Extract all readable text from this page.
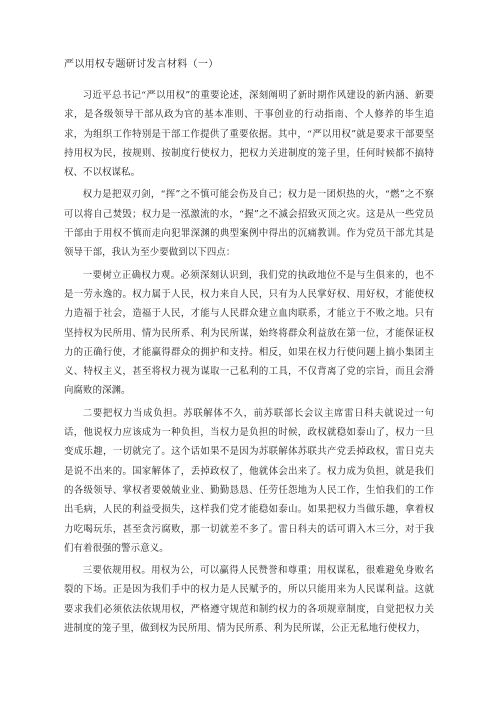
严以用权专题研讨发言材料（一）
习近平总书记“严以用权”的重要论述，深刻阐明了新时期作风建设的新内涵、新要求，是各级领导干部从政为官的基本准则、干事创业的行动指南、个人修养的毕生追求，为组织工作特别是干部工作提供了重要依据。其中，“严以用权”就是要求干部要坚持用权为民，按规则、按制度行使权力，把权力关进制度的笼子里，任何时候都不搞特权、不以权谋私。
权力是把双刃剑，“挥”之不慎可能会伤及自己；权力是一团炽热的火，“燃”之不察可以将自己焚毁；权力是一泓激流的水，“握”之不滅会招致灭顶之灾。这是从一些党员干部由于用权不慎而走向犯罪深渊的典型案例中得出的沉痛教训。作为党员干部尤其是领导干部，我认为至少要做到以下四点：
一要树立正确权力观。必须深刻认识到，我们党的执政地位不是与生俱来的，也不是一劳永逸的。权力属于人民，权力来自人民，只有为人民掌好权、用好权，才能使权力造福于社会，造福于人民，才能与人民群众建立血肉联系，才能立于不败之地。只有坚持权为民所用、情为民所系、利为民所谋，始终将群众利益放在第一位，才能保证权力的正确行使，才能赢得群众的拥护和支持。相反，如果在权力行使问题上搞小集团主义、特权主义，甚至将权力视为谋取一己私利的工具，不仅背离了党的宗旨，而且会滑向腐败的深渊。
二要把权力当成负担。苏联解体不久，前苏联部长会议主席雷日科夫就说过一句话，他说权力应该成为一种负担，当权力是负担的时候，政权就稳如泰山了，权力一旦变成乐趣，一切就完了。这个话如果不是因为苏联解体苏联共产党丢掉政权，雷日克夫是说不出来的。国家解体了，丢掉政权了，他就体会出来了。权力成为负担，就是我们的各级领导、掌权者要兢兢业业、勤勤恳恳、任劳任怨地为人民工作，生怕我们的工作出毛病，人民的利益受损失，这样我们党才能稳如泰山。如果把权力当做乐趣，拿着权力吃喝玩乐，甚至贪污腐败，那一切就差不多了。雷日科夫的话可谓入木三分，对于我们有着很强的警示意义。
三要依规用权。用权为公，可以赢得人民赞誉和尊重；用权谋私，很难避免身败名裂的下场。正是因为我们手中的权力是人民赋予的，所以只能用来为人民谋利益。这就要求我们必须依法依规用权，严格遵守规范和制约权力的各项规章制度，自觉把权力关进制度的笼子里，做到权为民所用、情为民所系、利为民所谋，公正无私地行使权力，
